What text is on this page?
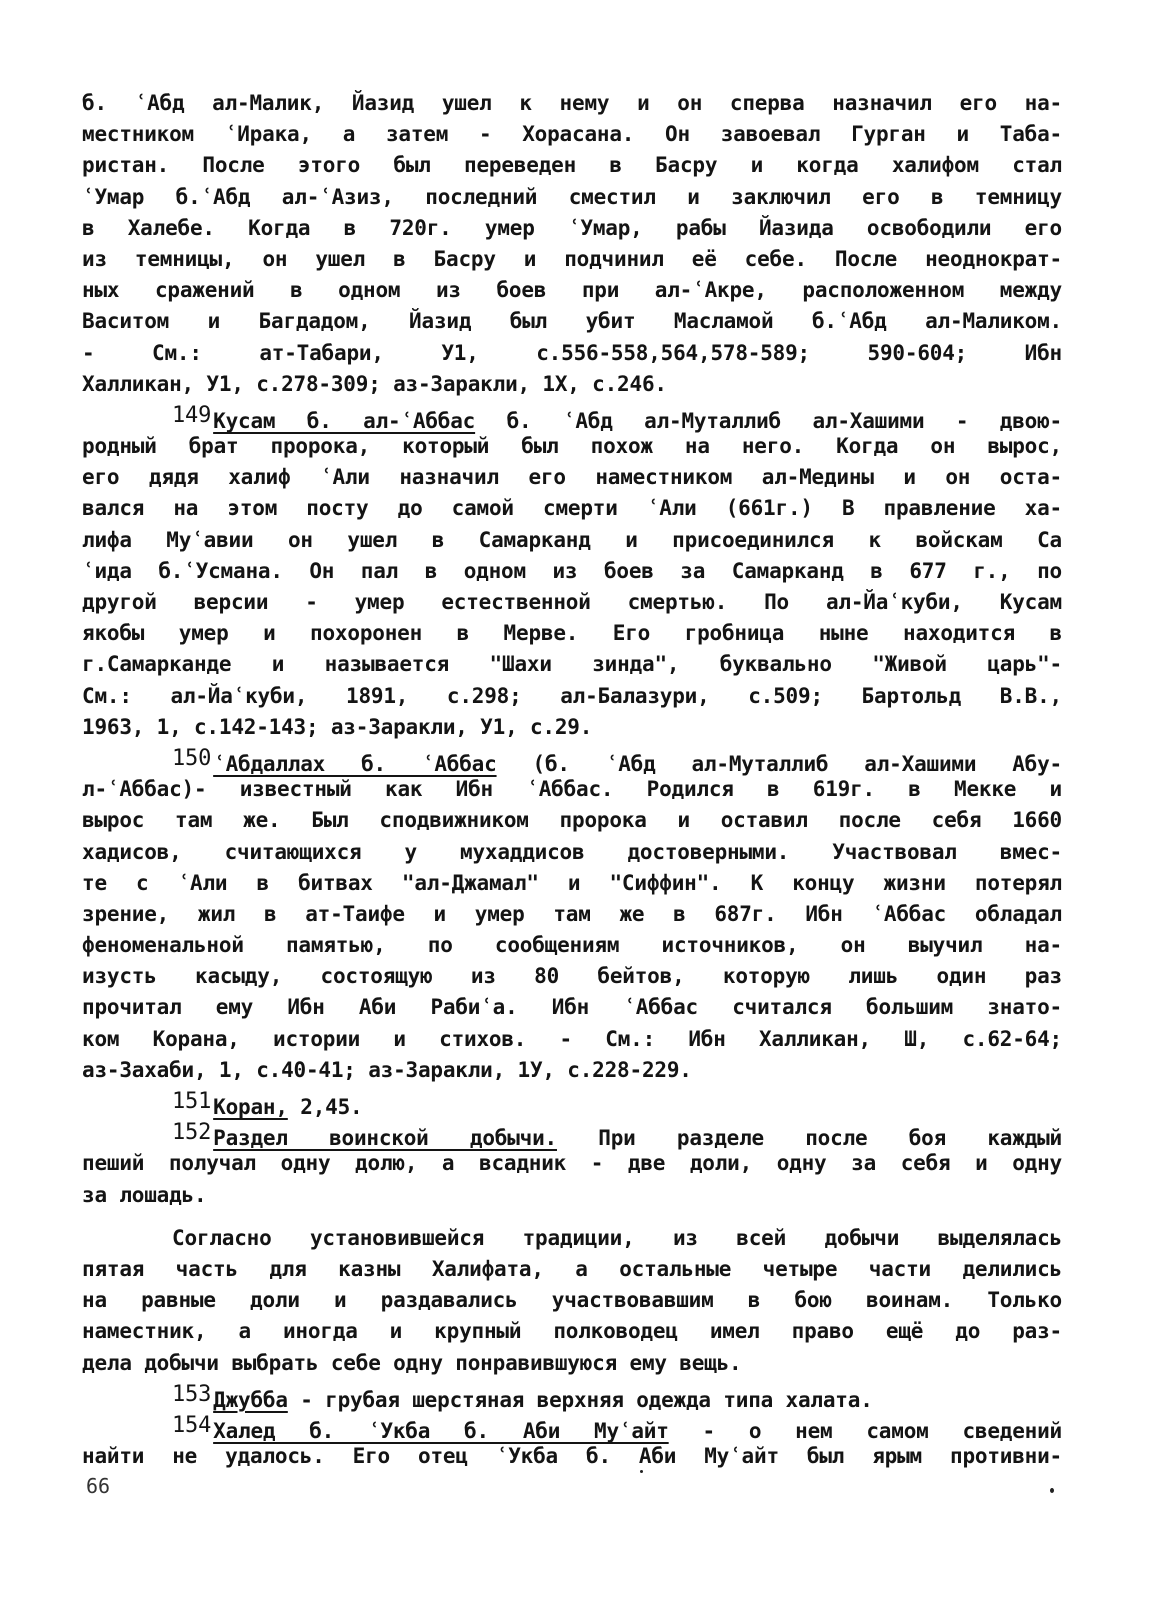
б. ʿАбд ал-Малик, Йазид ушел к нему и он сперва назначил его на-
местником ʿИрака, а затем - Хорасана. Он завоевал Гурган и Таба-
ристан. После этого был переведен в Басру и когда халифом стал
ʿУмар б.ʿАбд ал-ʿАзиз, последний сместил и заключил его в темницу
в Халебе. Когда в 720г. умер ʿУмар, рабы Йазида освободили его
из темницы, он ушел в Басру и подчинил её себе. После неоднократ-
ных сражений в одном из боев при ал-ʿАкре, расположенном между
Васитом и Багдадом, Йазид был убит Масламой б.ʿАбд ал-Маликом.
- См.: ат-Табари, У1, с.556-558,564,578-589; 590-604; Ибн
Халликан, У1, с.278-309; аз-Заракли, 1Х, с.246.
149Кусам б. ал-ʿАббас б. ʿАбд ал-Муталлиб ал-Хашими - двою-
родный брат пророка, который был похож на него. Когда он вырос,
его дядя халиф ʿАли назначил его наместником ал-Медины и он оста-
вался на этом посту до самой смерти ʿАли (661г.) В правление ха-
лифа Муʿавии он ушел в Самарканд и присоединился к войскам Са
ʿида б.ʿУсмана. Он пал в одном из боев за Самарканд в 677 г., по
другой версии - умер естественной смертью. По ал-Йаʿкуби, Кусам
якобы умер и похоронен в Мерве. Его гробница ныне находится в
г.Самарканде и называется "Шахи зинда", буквально "Живой царь"-
См.: ал-Йаʿкуби, 1891, с.298; ал-Балазури, с.509; Бартольд В.В.,
1963, 1, с.142-143; аз-Заракли, У1, с.29.
150ʿАбдаллах б. ʿАббас (б. ʿАбд ал-Муталлиб ал-Хашими Абу-
л-ʿАббас)- известный как Ибн ʿАббас. Родился в 619г. в Мекке и
вырос там же. Был сподвижником пророка и оставил после себя 1660
хадисов, считающихся у мухаддисов достоверными. Участвовал вмес-
те с ʿАли в битвах "ал-Джамал" и "Сиффин". К концу жизни потерял
зрение, жил в ат-Таифе и умер там же в 687г. Ибн ʿАббас обладал
феноменальной памятью, по сообщениям источников, он выучил на-
изусть касыду, состоящую из 80 бейтов, которую лишь один раз
прочитал ему Ибн Аби Рабиʿа. Ибн ʿАббас считался большим знато-
ком Корана, истории и стихов. - См.: Ибн Халликан, Ш, с.62-64;
аз-Захаби, 1, с.40-41; аз-Заракли, 1У, с.228-229.
151Коран, 2,45.
152Раздел воинской добычи. При разделе после боя каждый
пеший получал одну долю, а всадник - две доли, одну за себя и одну
за лошадь.
Согласно установившейся традиции, из всей добычи выделялась
пятая часть для казны Халифата, а остальные четыре части делились
на равные доли и раздавались участвовавшим в бою воинам. Только
наместник, а иногда и крупный полководец имел право ещё до раз-
дела добычи выбрать себе одну понравившуюся ему вещь.
153Джубба - грубая шерстяная верхняя одежда типа халата.
154Халед б. ʿУкба б. Аби Муʿайт - о нем самом сведений
найти не удалось. Его отец ʿУкба б. Аби Муʿайт был ярым противни-
66
